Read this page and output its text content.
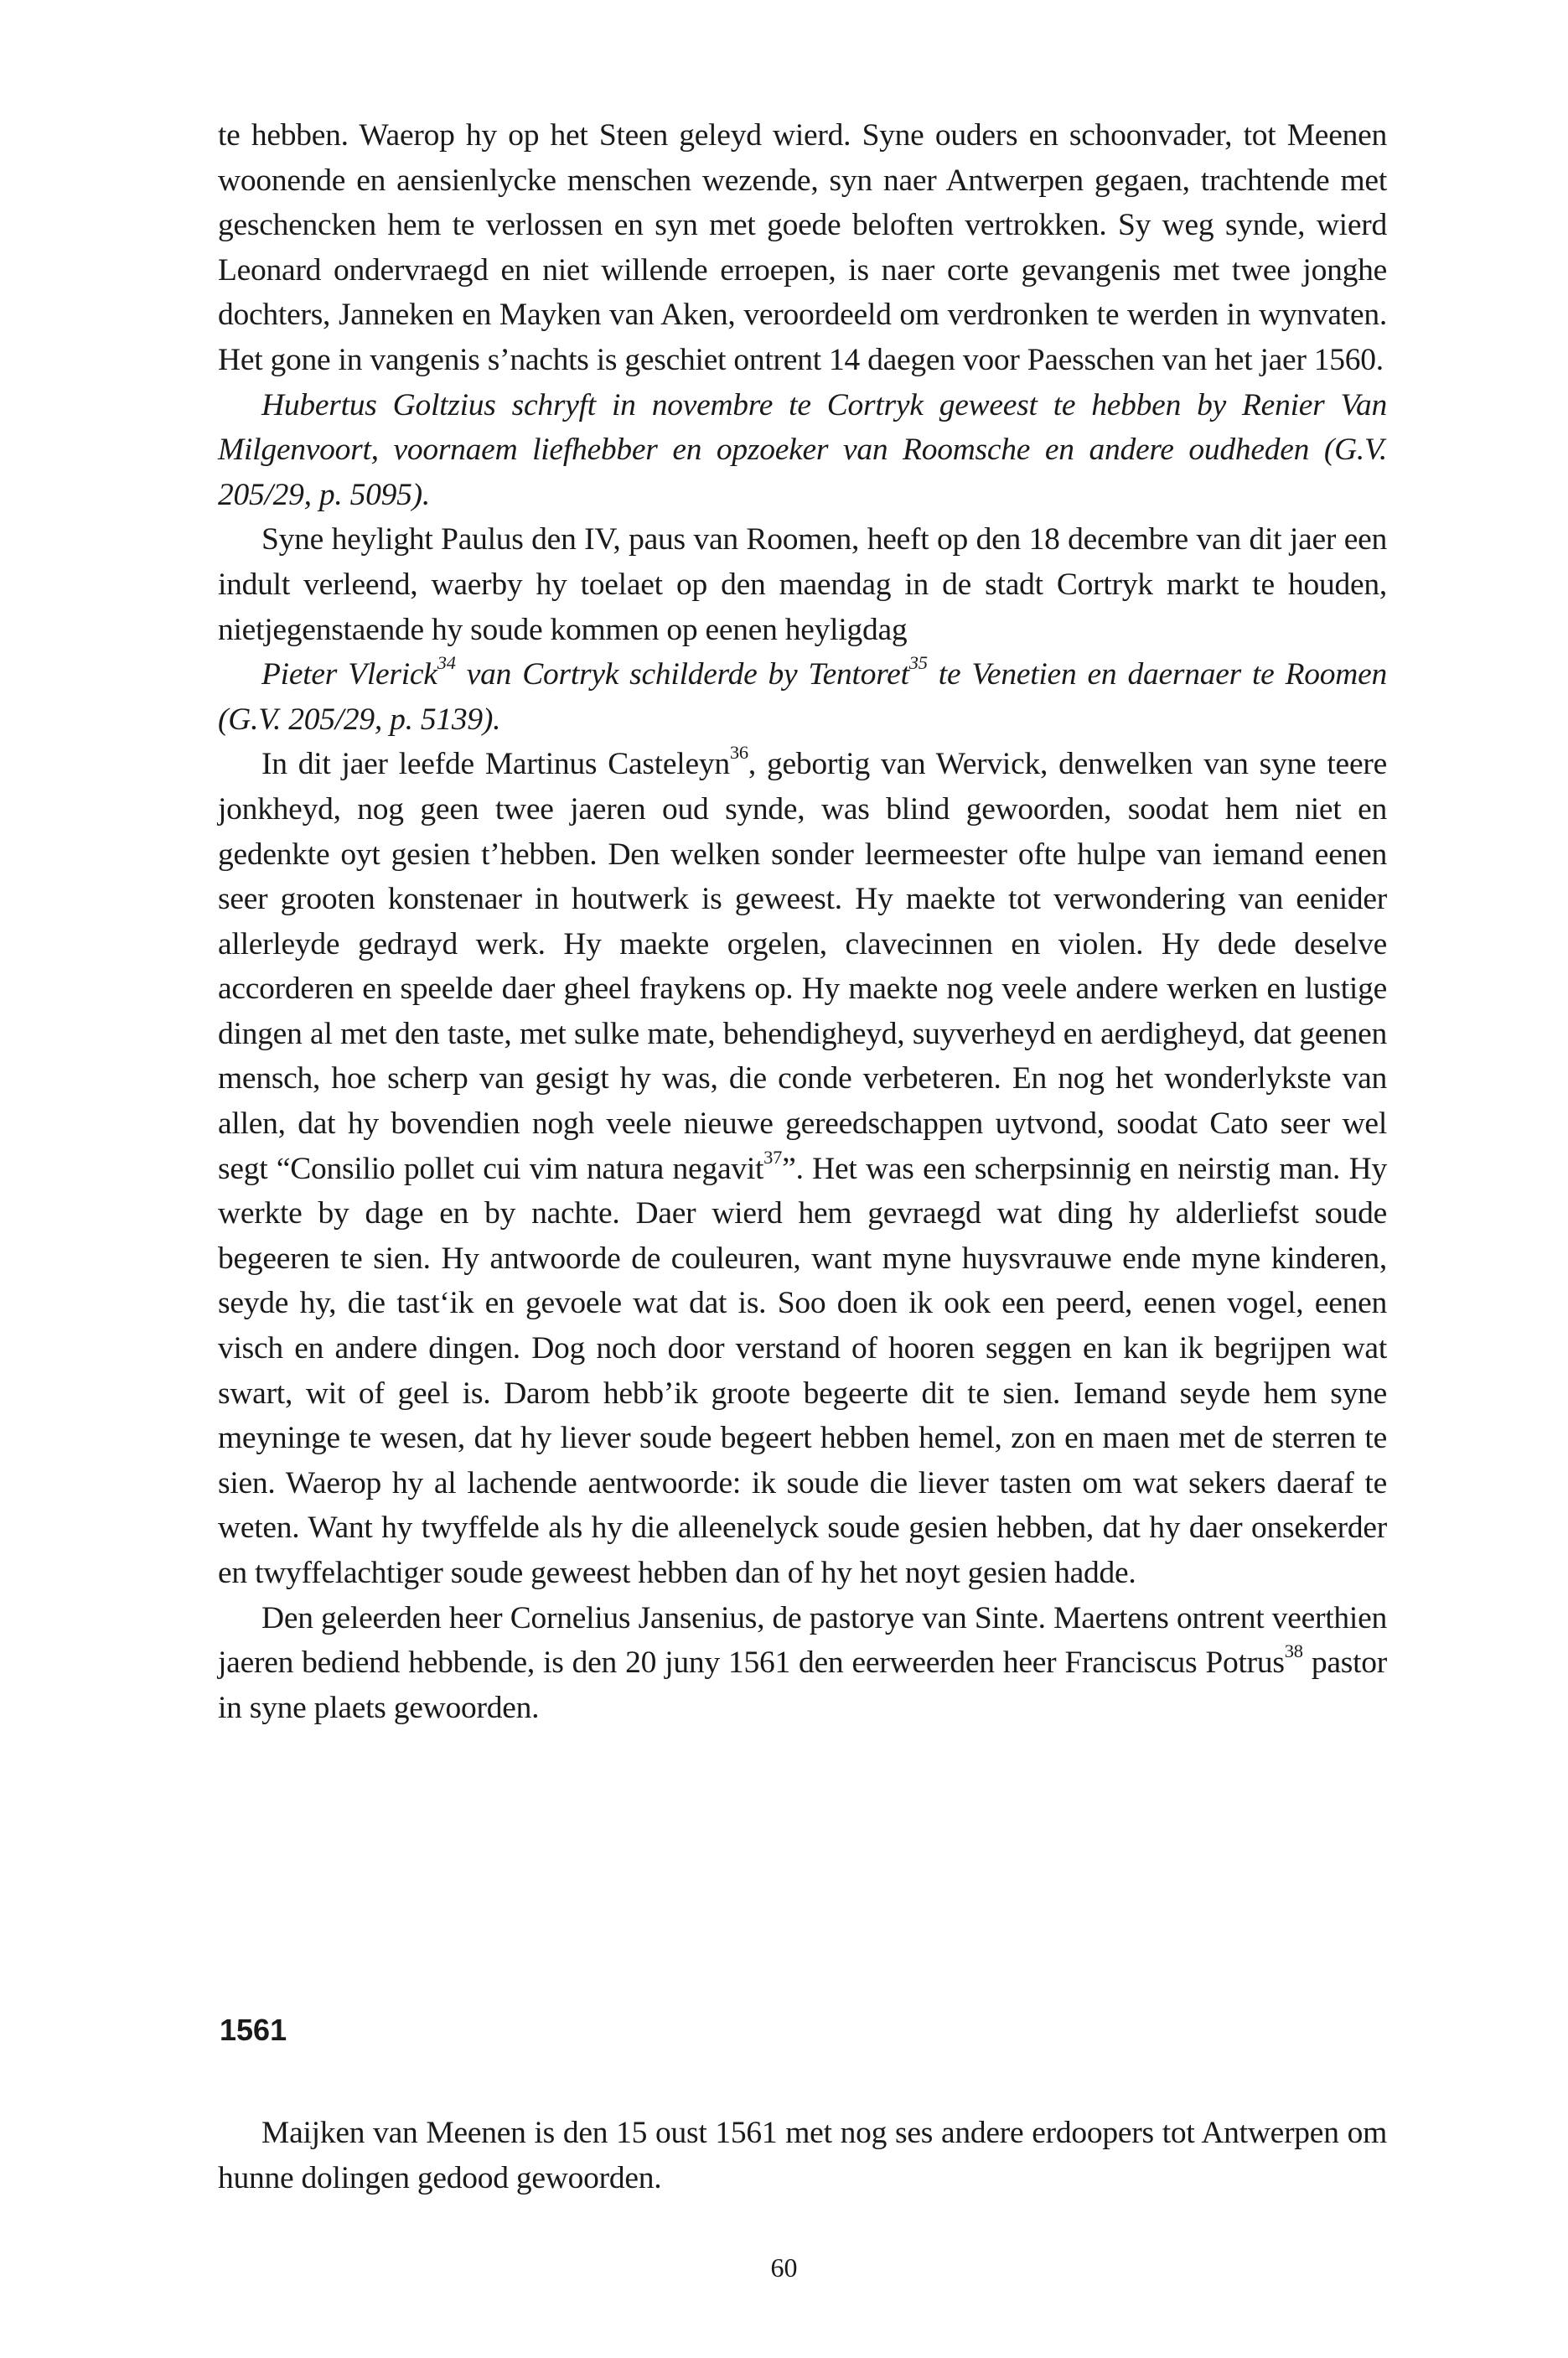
te hebben. Waerop hy op het Steen geleyd wierd. Syne ouders en schoonvader, tot Meenen woonende en aensienlycke menschen wezende, syn naer Antwerpen gegaen, trachtende met geschencken hem te verlossen en syn met goede beloften vertrokken. Sy weg synde, wierd Leonard ondervraegd en niet willende erroepen, is naer corte gevangenis met twee jonghe dochters, Janneken en Mayken van Aken, veroordeeld om verdronken te werden in wynvaten. Het gone in vangenis s’nachts is geschiet ontrent 14 daegen voor Paesschen van het jaer 1560.

Hubertus Goltzius schryft in novembre te Cortryk geweest te hebben by Renier Van Milgenvoort, voornaem liefhebber en opzoeker van Roomsche en andere oudheden (G.V. 205/29, p. 5095).

Syne heylight Paulus den IV, paus van Roomen, heeft op den 18 decembre van dit jaer een indult verleend, waerby hy toelaet op den maendag in de stadt Cortryk markt te houden, nietjegenstaende hy soude kommen op eenen heyligdag

Pieter Vlerick$^{34}$ van Cortryk schilderde by Tentoret$^{35}$ te Venetien en daernaer te Roomen (G.V. 205/29, p. 5139).

In dit jaer leefde Martinus Casteleyn$^{36}$, gebortig van Wervick, denwelken van syne teere jonkheyd, nog geen twee jaeren oud synde, was blind gewoorden, soodat hem niet en gedenkte oyt gesien t’hebben. Den welken sonder leermeester ofte hulpe van iemand eenen seer grooten konstenaer in houtwerk is geweest. Hy maekte tot verwondering van eenider allerleyde gedrayd werk. Hy maekte orgelen, clavecinnen en violen. Hy dede deselve accorderen en speelde daer gheel fraykens op. Hy maekte nog veele andere werken en lustige dingen al met den taste, met sulke mate, behendigheyd, suyverheyd en aerdigheyd, dat geenen mensch, hoe scherp van gesigt hy was, die conde verbeteren. En nog het wonderlykste van allen, dat hy bovendien nogh veele nieuwe gereedschappen uytvond, soodat Cato seer wel segt “Consilio pollet cui vim natura negavit$^{37}$”. Het was een scherpsinnig en neirstig man. Hy werkte by dage en by nachte. Daer wierd hem gevraegd wat ding hy alderliefst soude begeeren te sien. Hy antwoorde de couleuren, want myne huysvrauwe ende myne kinderen, seyde hy, die tast‘ik en gevoele wat dat is. Soo doen ik ook een peerd, eenen vogel, eenen visch en andere dingen. Dog noch door verstand of hooren seggen en kan ik begrijpen wat swart, wit of geel is. Darom hebb’ik groote begeerte dit te sien. Iemand seyde hem syne meyninge te wesen, dat hy liever soude begeert hebben hemel, zon en maen met de sterren te sien. Waerop hy al lachende aentwoorde: ik soude die liever tasten om wat sekers daeraf te weten. Want hy twyffelde als hy die alleenelyck soude gesien hebben, dat hy daer onsekerder en twyffelachtiger soude geweest hebben dan of hy het noyt gesien hadde.

Den geleerden heer Cornelius Jansenius, de pastorye van Sinte. Maertens ontrent veerthien jaeren bediend hebbende, is den 20 juny 1561 den eerweerden heer Franciscus Potrus$^{38}$ pastor in syne plaets gewoorden.

1561

Maijken van Meenen is den 15 oust 1561 met nog ses andere erdoopers tot Antwerpen om hunne dolingen gedood gewoorden.

60
